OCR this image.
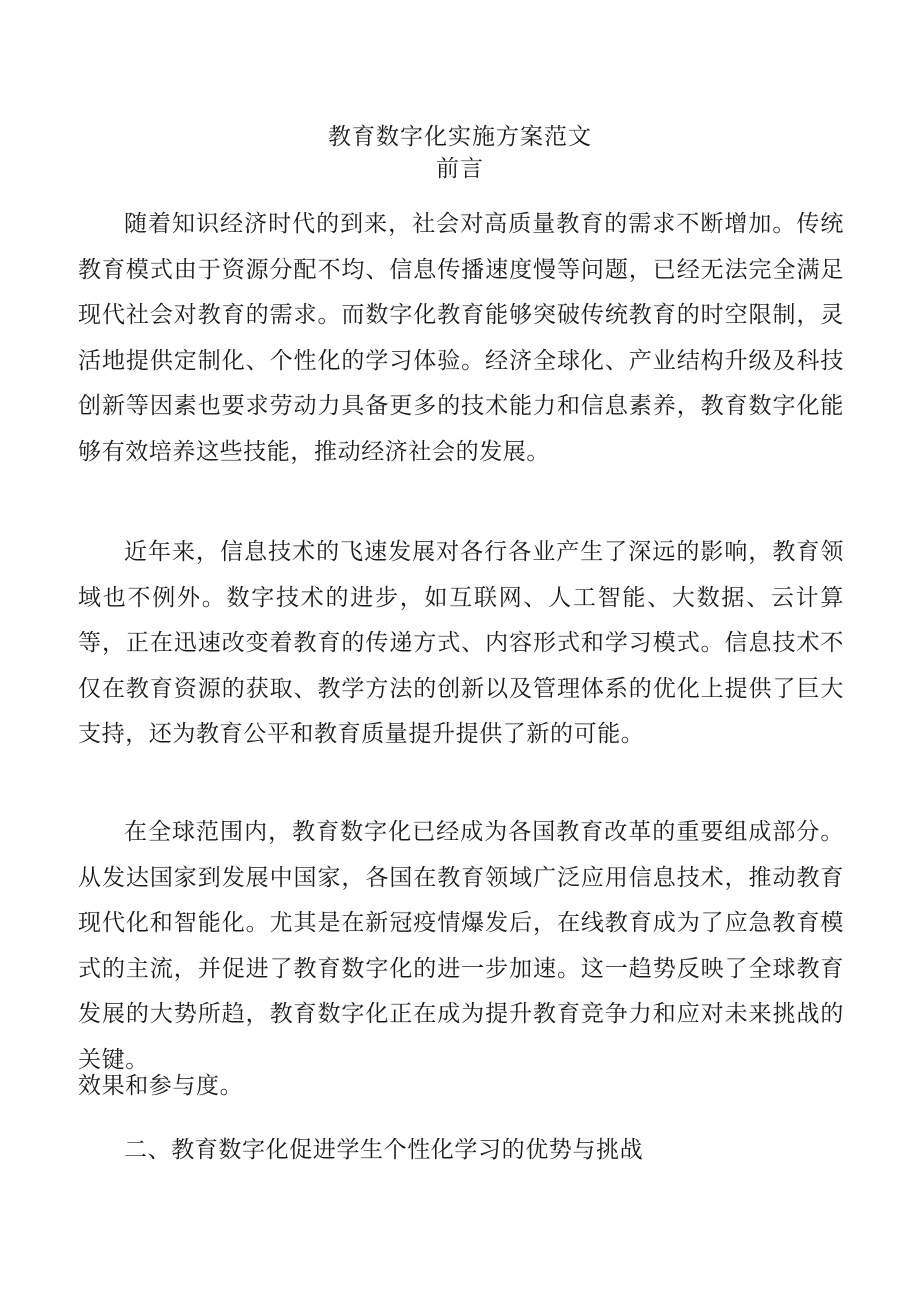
教育数字化实施方案范文
前言
随着知识经济时代的到来，社会对高质量教育的需求不断增加。传统教育模式由于资源分配不均、信息传播速度慢等问题，已经无法完全满足现代社会对教育的需求。而数字化教育能够突破传统教育的时空限制，灵活地提供定制化、个性化的学习体验。经济全球化、产业结构升级及科技创新等因素也要求劳动力具备更多的技术能力和信息素养，教育数字化能够有效培养这些技能，推动经济社会的发展。
近年来，信息技术的飞速发展对各行各业产生了深远的影响，教育领域也不例外。数字技术的进步，如互联网、人工智能、大数据、云计算等，正在迅速改变着教育的传递方式、内容形式和学习模式。信息技术不仅在教育资源的获取、教学方法的创新以及管理体系的优化上提供了巨大支持，还为教育公平和教育质量提升提供了新的可能。
在全球范围内，教育数字化已经成为各国教育改革的重要组成部分。从发达国家到发展中国家，各国在教育领域广泛应用信息技术，推动教育现代化和智能化。尤其是在新冠疫情爆发后，在线教育成为了应急教育模式的主流，并促进了教育数字化的进一步加速。这一趋势反映了全球教育发展的大势所趋，教育数字化正在成为提升教育竞争力和应对未来挑战的关键。
效果和参与度。
二、教育数字化促进学生个性化学习的优势与挑战
